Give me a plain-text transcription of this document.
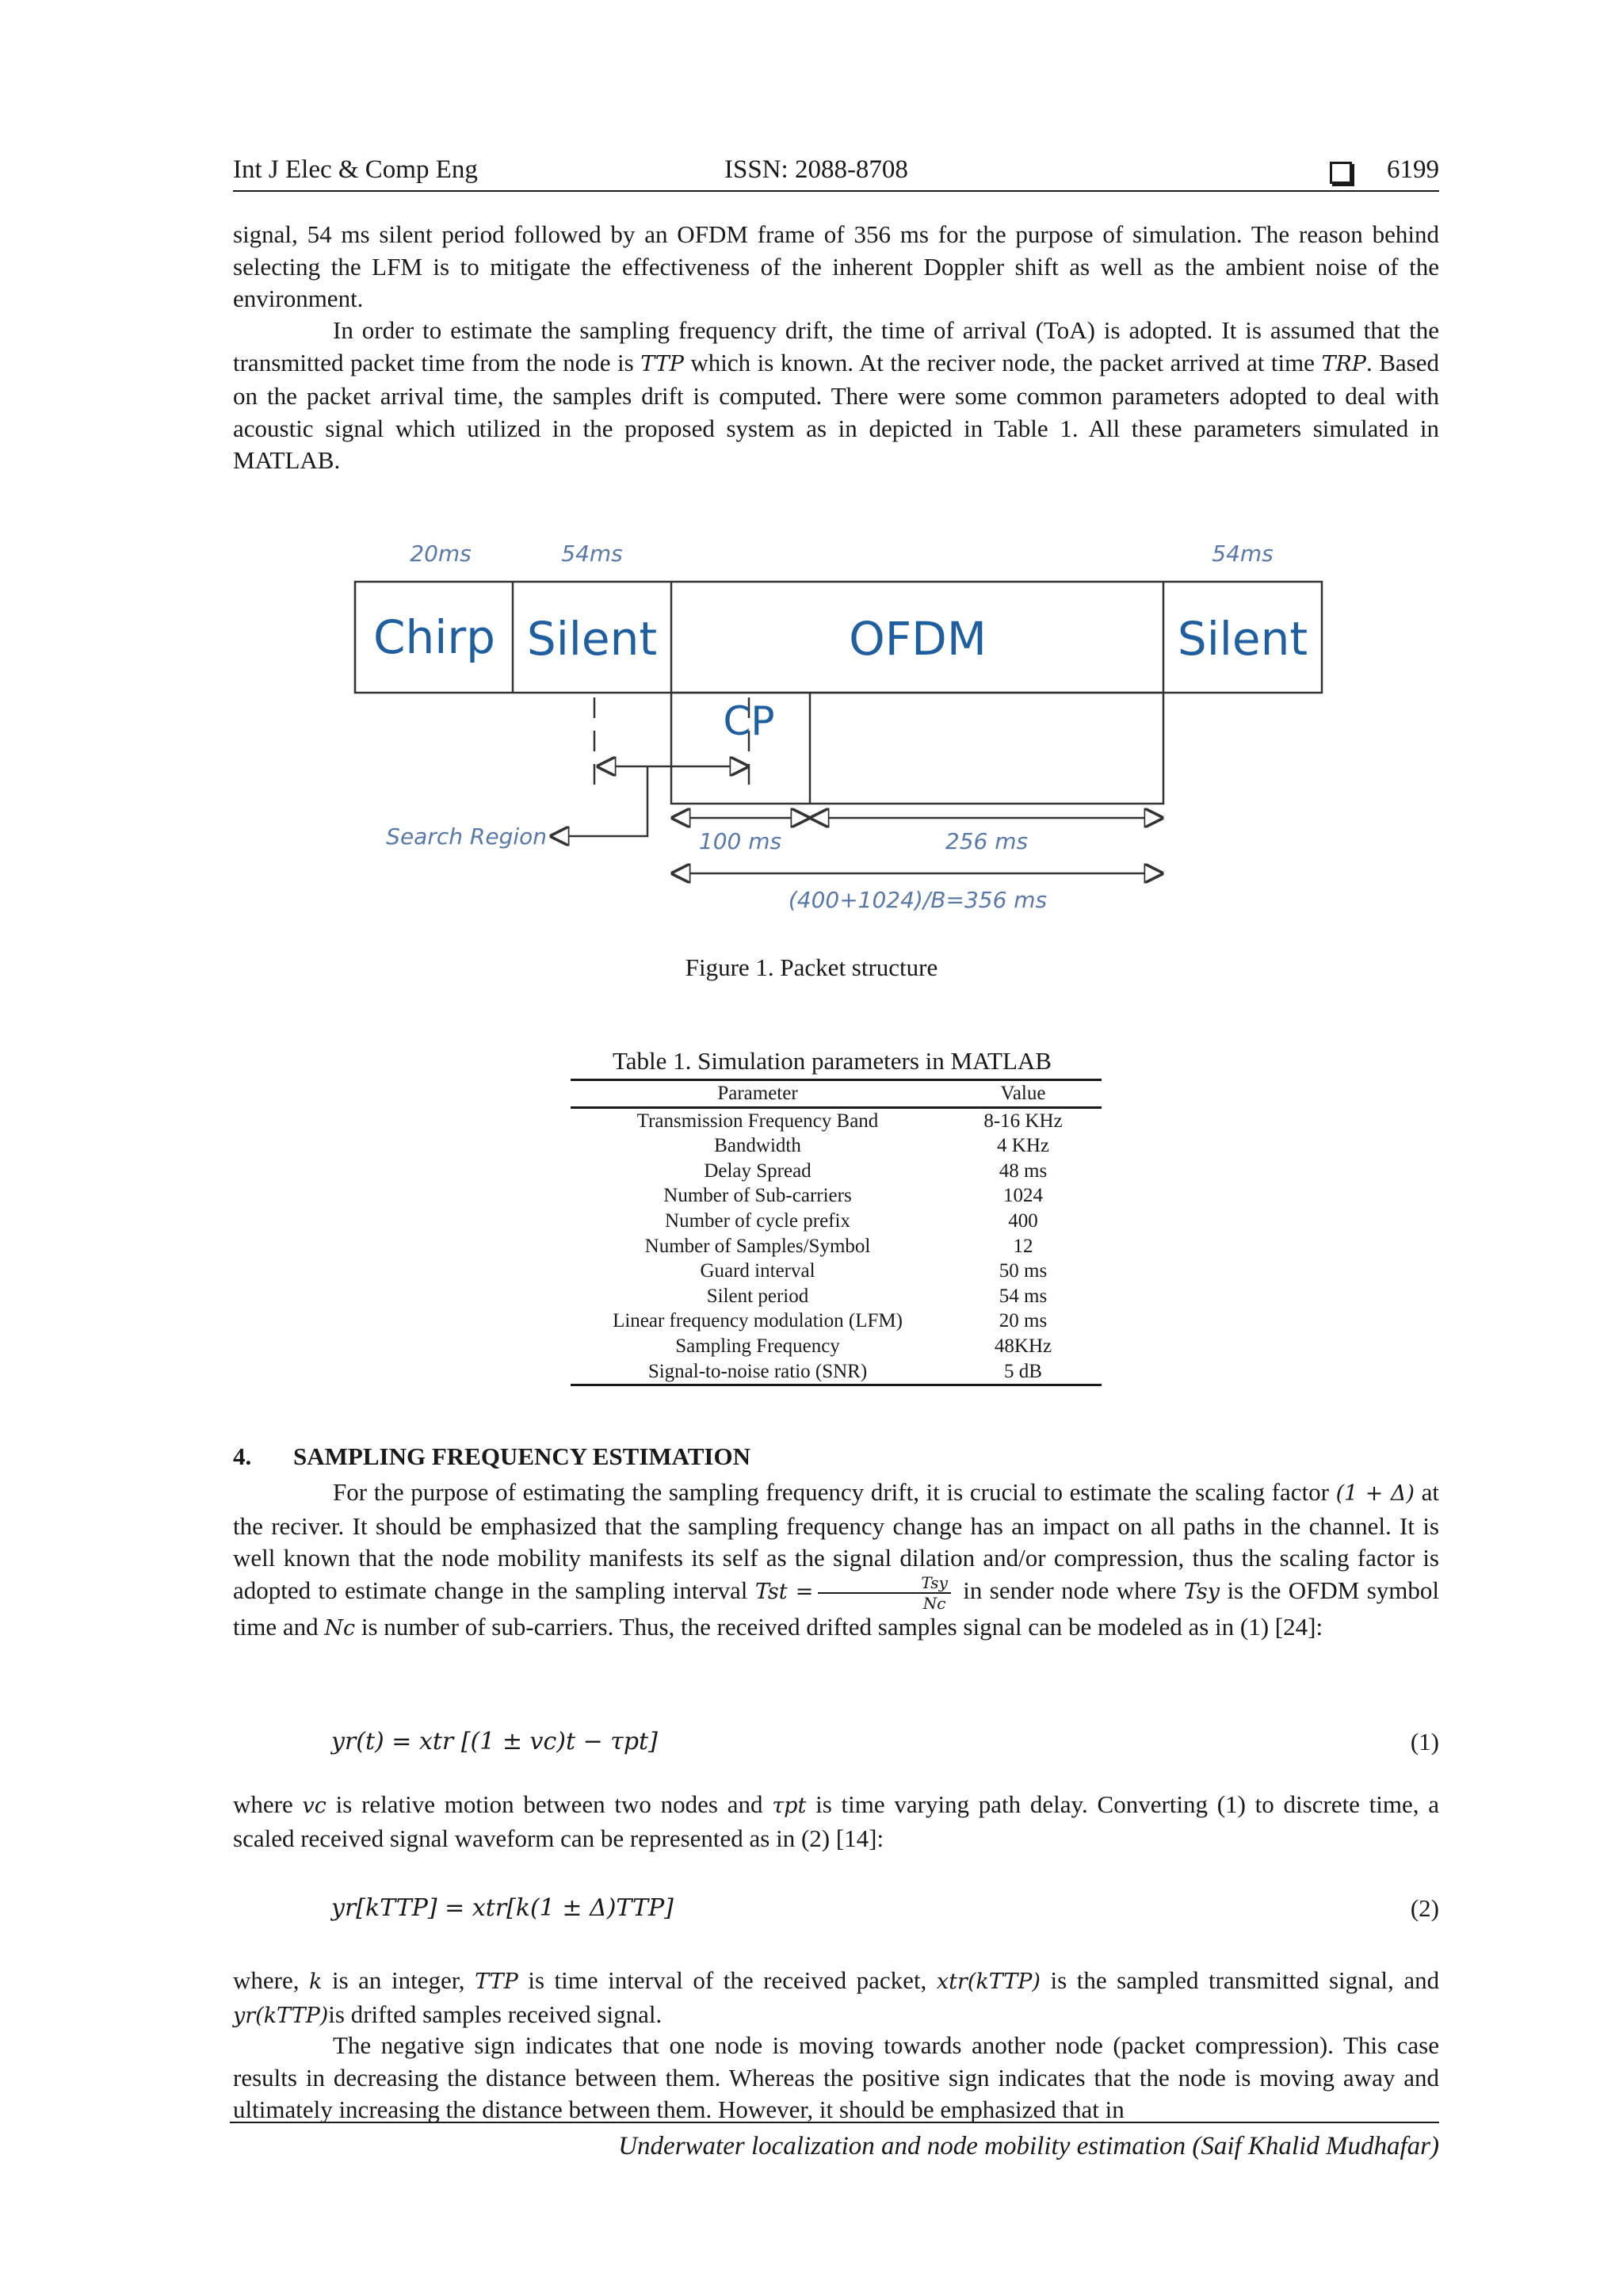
Int J Elec & Comp Eng	ISSN: 2088-8708	6199

signal, 54 ms silent period followed by an OFDM frame of 356 ms for the purpose of simulation. The reason behind selecting the LFM is to mitigate the effectiveness of the inherent Doppler shift as well as the ambient noise of the environment.

In order to estimate the sampling frequency drift, the time of arrival (ToA) is adopted. It is assumed that the transmitted packet time from the node is TTP which is known. At the reciver node, the packet arrived at time TRP. Based on the packet arrival time, the samples drift is computed. There were some common parameters adopted to deal with acoustic signal which utilized in the proposed system as in depicted in Table 1. All these parameters simulated in MATLAB.

Chirp Silent	OFDM	Silent
CP
20ms	54ms	54ms
Search Region	100 ms	256 ms
(400+1024)/B=356 ms
Figure 1. Packet structure
Table 1. Simulation parameters in MATLAB
Parameter	Value
Transmission Frequency Band	8-16 KHz
Bandwidth	4 KHz
Delay Spread	48 ms
Number of Sub-carriers	1024
Number of cycle prefix	400
Number of Samples/Symbol	12
Guard interval	50 ms
Silent period	54 ms
Linear frequency modulation (LFM)	20 ms
Sampling Frequency	48KHz
Signal-to-noise ratio (SNR)	5 dB
4. SAMPLING FREQUENCY ESTIMATION

For the purpose of estimating the sampling frequency drift, it is crucial to estimate the scaling factor (1 + Δ) at the reciver. It should be emphasized that the sampling frequency change has an impact on all paths in the channel. It is well known that the node mobility manifests its self as the signal dilation and/or compression, thus the scaling factor is adopted to estimate change in the sampling interval Tst = $\frac{\text{Tsy}}{Nc}$ in sender node where Tsy is the OFDM symbol time and Nc is number of sub-carriers. Thus, the received drifted samples signal can be modeled as in (1) [24]:

yr(t) = xtr [(1 ± vc)t − τpt]	(1)

where vc is relative motion between two nodes and τpt is time varying path delay. Converting (1) to discrete time, a scaled received signal waveform can be represented as in (2) [14]:

yr[kTTP] = xtr[k(1 ± Δ)TTP]	(2)

where, k is an integer, TTP is time interval of the received packet, xtr(kTTP) is the sampled transmitted signal, and yr(kTTP)is drifted samples received signal.

The negative sign indicates that one node is moving towards another node (packet compression). This case results in decreasing the distance between them. Whereas the positive sign indicates that the node is moving away and ultimately increasing the distance between them. However, it should be emphasized that in

Underwater localization and node mobility estimation (Saif Khalid Mudhafar)
